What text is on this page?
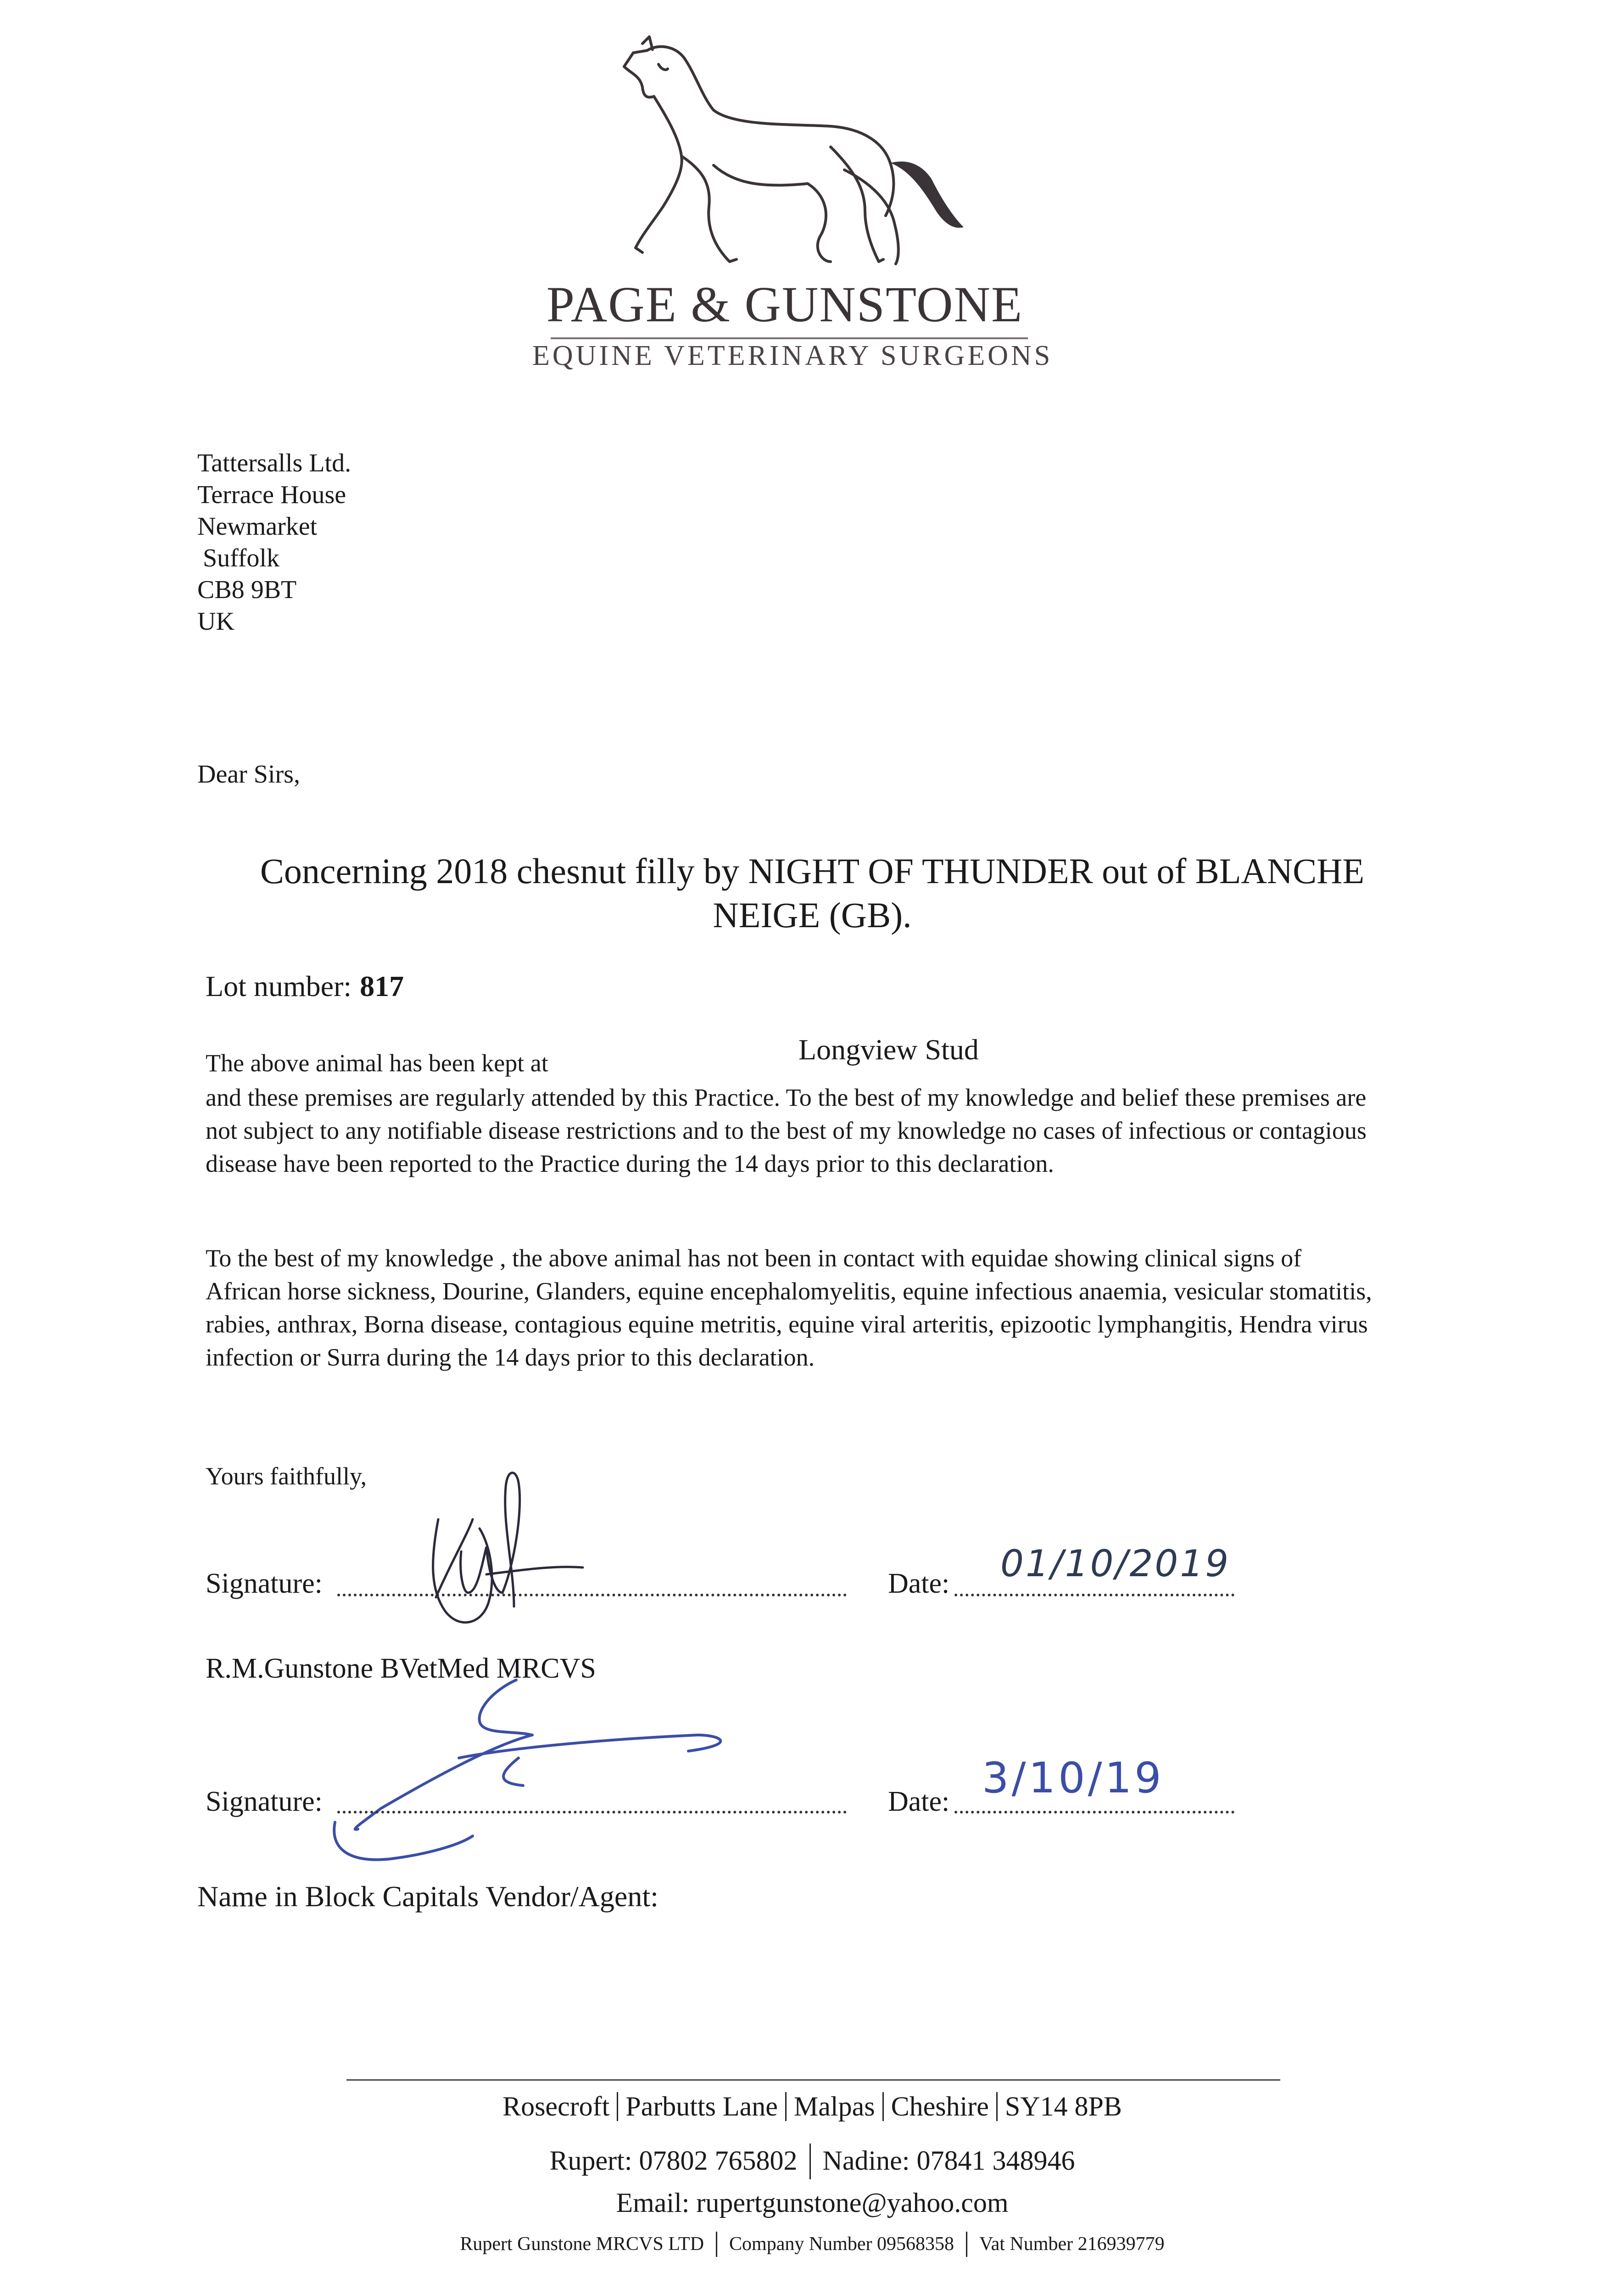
PAGE & GUNSTONE
EQUINE VETERINARY SURGEONS
Tattersalls Ltd.
Terrace House
Newmarket
Suffolk
CB8 9BT
UK
Dear Sirs,
Concerning 2018 chesnut filly by NIGHT OF THUNDER out of BLANCHE NEIGE (GB).
Lot number: 817
The above animal has been kept at	Longview Stud
and these premises are regularly attended by this Practice. To the best of my knowledge and belief these premises are not subject to any notifiable disease restrictions and to the best of my knowledge no cases of infectious or contagious disease have been reported to the Practice during the 14 days prior to this declaration.
To the best of my knowledge , the above animal has not been in contact with equidae showing clinical signs of African horse sickness, Dourine, Glanders, equine encephalomyelitis, equine infectious anaemia, vesicular stomatitis, rabies, anthrax, Borna disease, contagious equine metritis, equine viral arteritis, epizootic lymphangitis, Hendra virus infection or Surra during the 14 days prior to this declaration.
Yours faithfully,
Signature:	Date: 01/10/2019
R.M.Gunstone BVetMed MRCVS
Signature:	Date: 3/10/19
Name in Block Capitals Vendor/Agent:
Rosecroft Parbutts Lane Malpas Cheshire SY14 8PB
Rupert: 07802 765802 Nadine: 07841 348946
Email: rupertgunstone@yahoo.com
Rupert Gunstone MRCVS LTD Company Number 09568358 Vat Number 216939779
